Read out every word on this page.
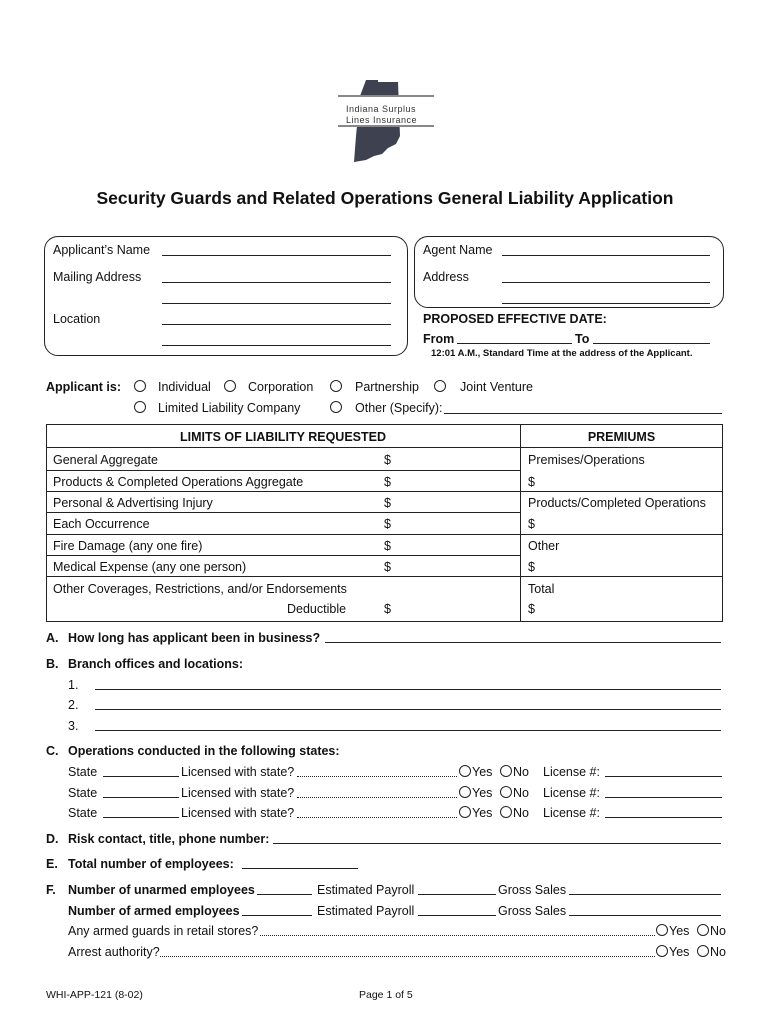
Indiana Surplus
Lines Insurance
Security Guards and Related Operations General Liability Application
Applicant’s Name
Mailing Address
Location
Agent Name
Address
PROPOSED EFFECTIVE DATE:
From	To
12:01 A.M., Standard Time at the address of the Applicant.
Applicant is:	Individual	Corporation	Partnership	Joint Venture
Limited Liability Company	Other (Specify):
LIMITS OF LIABILITY REQUESTED	PREMIUMS
General Aggregate	$	Premises/Operations
Products & Completed Operations Aggregate	$	$
Personal & Advertising Injury	$	Products/Completed Operations
Each Occurrence	$	$
Fire Damage (any one fire)	$	Other
Medical Expense (any one person)	$	$
Other Coverages, Restrictions, and/or Endorsements	Total
Deductible	$	$
A. How long has applicant been in business?
B. Branch offices and locations:
1.
2.
3.
C. Operations conducted in the following states:
State	Licensed with state?	Yes No License #:
State	Licensed with state?	Yes No License #:
State	Licensed with state?	Yes No License #:
D. Risk contact, title, phone number:
E. Total number of employees:
F. Number of unarmed employees	Estimated Payroll	Gross Sales
Number of armed employees	Estimated Payroll	Gross Sales
Any armed guards in retail stores?	Yes No
Arrest authority?	Yes No
WHI-APP-121 (8-02)	Page 1 of 5
